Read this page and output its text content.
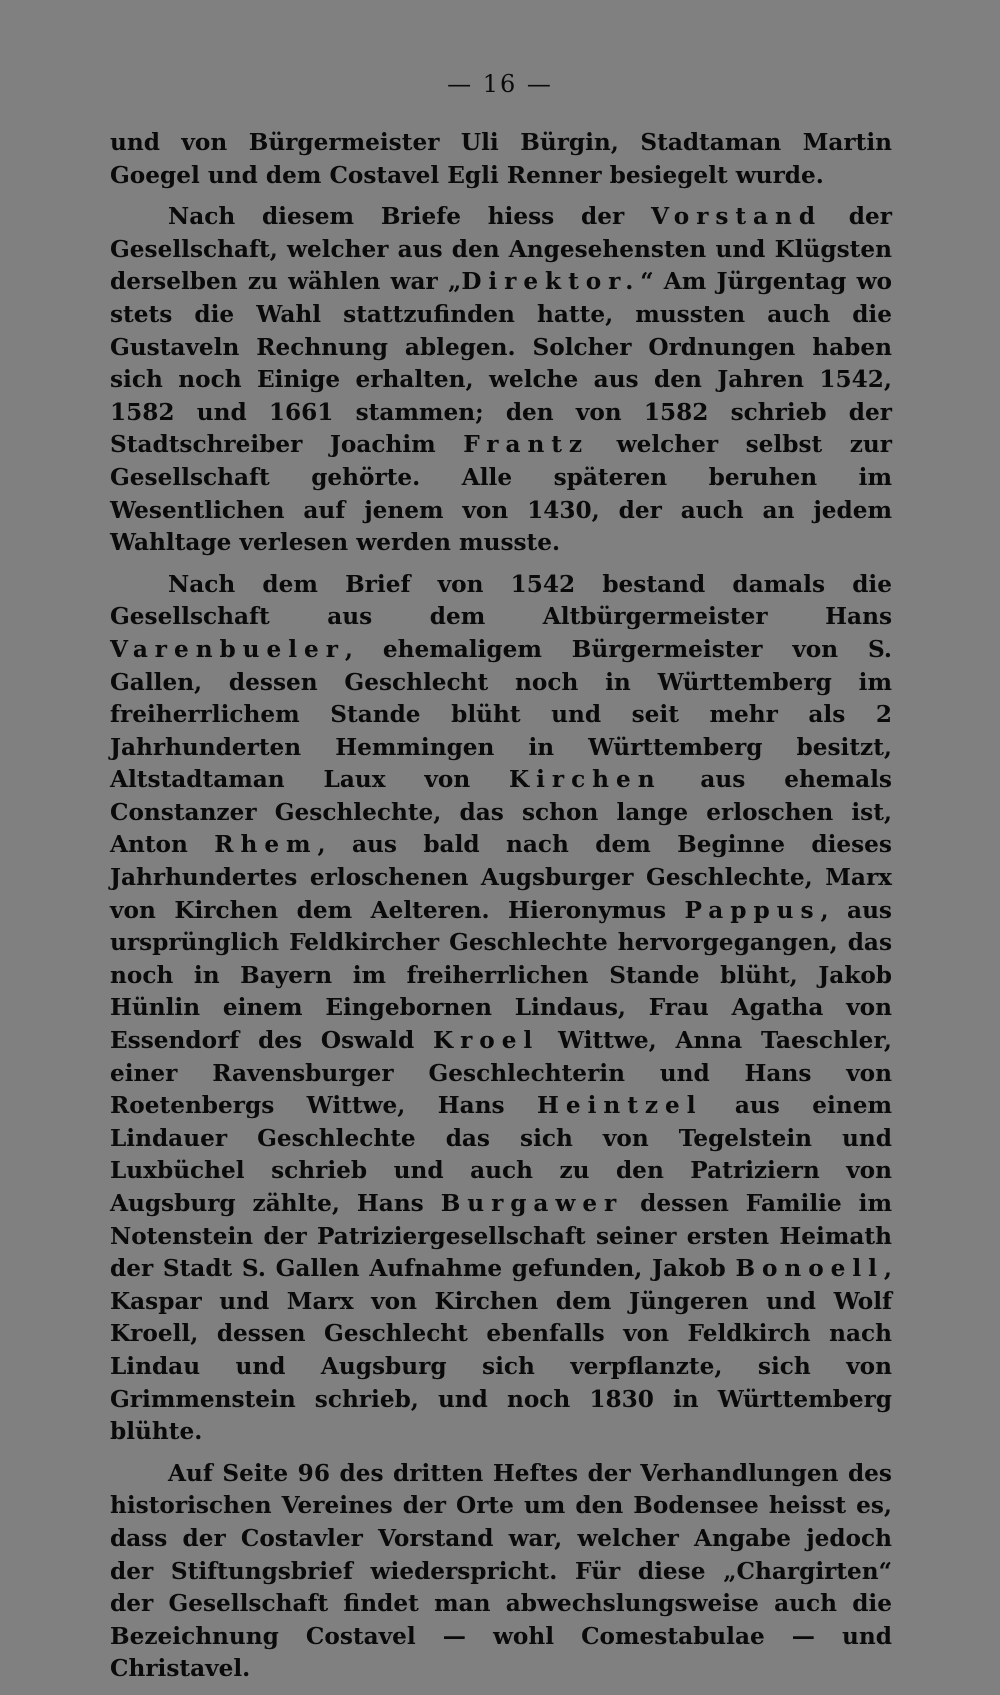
— 16 —

und von Bürgermeister Uli Bürgin, Stadtaman Martin Goegel und dem Costavel Egli Renner besiegelt wurde.

Nach diesem Briefe hiess der Vorstand der Gesellschaft, welcher aus den Angesehensten und Klügsten derselben zu wählen war „Direktor.“ Am Jürgentag wo stets die Wahl stattzufinden hatte, mussten auch die Gustaveln Rechnung ablegen. Solcher Ordnungen haben sich noch Einige erhalten, welche aus den Jahren 1542, 1582 und 1661 stammen; den von 1582 schrieb der Stadtschreiber Joachim Frantz welcher selbst zur Gesellschaft gehörte. Alle späteren beruhen im Wesentlichen auf jenem von 1430, der auch an jedem Wahltage verlesen werden musste.

Nach dem Brief von 1542 bestand damals die Gesellschaft aus dem Altbürgermeister Hans Varenbueler, ehemaligem Bürgermeister von S. Gallen, dessen Geschlecht noch in Württemberg im freiherrlichem Stande blüht und seit mehr als 2 Jahrhunderten Hemmingen in Württemberg besitzt, Altstadtaman Laux von Kirchen aus ehemals Constanzer Geschlechte, das schon lange erloschen ist, Anton Rhem, aus bald nach dem Beginne dieses Jahrhundertes erloschenen Augsburger Geschlechte, Marx von Kirchen dem Aelteren. Hieronymus Pappus, aus ursprünglich Feldkircher Geschlechte hervorgegangen, das noch in Bayern im freiherrlichen Stande blüht, Jakob Hünlin einem Eingebornen Lindaus, Frau Agatha von Essendorf des Oswald Kroel Wittwe, Anna Taeschler, einer Ravensburger Geschlechterin und Hans von Roetenbergs Wittwe, Hans Heintzel aus einem Lindauer Geschlechte das sich von Tegelstein und Luxbüchel schrieb und auch zu den Patriziern von Augsburg zählte, Hans Burgawer dessen Familie im Notenstein der Patriziergesellschaft seiner ersten Heimath der Stadt S. Gallen Aufnahme gefunden, Jakob Bonoell, Kaspar und Marx von Kirchen dem Jüngeren und Wolf Kroell, dessen Geschlecht ebenfalls von Feldkirch nach Lindau und Augsburg sich verpflanzte, sich von Grimmenstein schrieb, und noch 1830 in Württemberg blühte.

Auf Seite 96 des dritten Heftes der Verhandlungen des historischen Vereines der Orte um den Bodensee heisst es, dass der Costavler Vorstand war, welcher Angabe jedoch der Stiftungsbrief wiederspricht. Für diese „Chargirten“ der Gesellschaft findet man abwechslungsweise auch die Bezeichnung Costavel — wohl Comestabulae — und Christavel.
